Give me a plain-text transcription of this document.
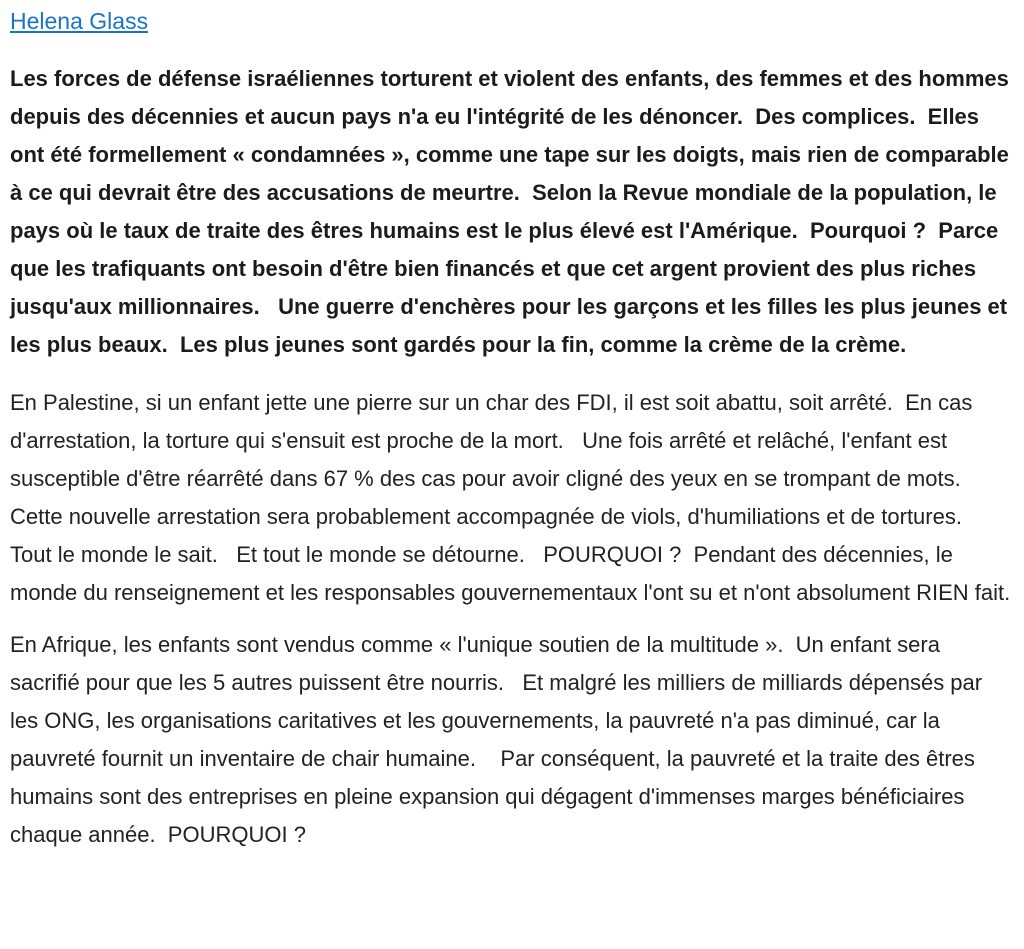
Helena Glass

Les forces de défense israéliennes torturent et violent des enfants, des femmes et des hommes depuis des décennies et aucun pays n'a eu l'intégrité de les dénoncer.  Des complices.  Elles ont été formellement « condamnées », comme une tape sur les doigts, mais rien de comparable à ce qui devrait être des accusations de meurtre.  Selon la Revue mondiale de la population, le pays où le taux de traite des êtres humains est le plus élevé est l'Amérique.  Pourquoi ?  Parce que les trafiquants ont besoin d'être bien financés et que cet argent provient des plus riches jusqu'aux millionnaires.   Une guerre d'enchères pour les garçons et les filles les plus jeunes et les plus beaux.  Les plus jeunes sont gardés pour la fin, comme la crème de la crème.

En Palestine, si un enfant jette une pierre sur un char des FDI, il est soit abattu, soit arrêté.  En cas d'arrestation, la torture qui s'ensuit est proche de la mort.   Une fois arrêté et relâché, l'enfant est susceptible d'être réarrêté dans 67 % des cas pour avoir cligné des yeux en se trompant de mots.   Cette nouvelle arrestation sera probablement accompagnée de viols, d'humiliations et de tortures.   Tout le monde le sait.   Et tout le monde se détourne.   POURQUOI ?  Pendant des décennies, le monde du renseignement et les responsables gouvernementaux l'ont su et n'ont absolument RIEN fait.

En Afrique, les enfants sont vendus comme « l'unique soutien de la multitude ».  Un enfant sera sacrifié pour que les 5 autres puissent être nourris.   Et malgré les milliers de milliards dépensés par les ONG, les organisations caritatives et les gouvernements, la pauvreté n'a pas diminué, car la pauvreté fournit un inventaire de chair humaine.    Par conséquent, la pauvreté et la traite des êtres humains sont des entreprises en pleine expansion qui dégagent d'immenses marges bénéficiaires chaque année.  POURQUOI ?
